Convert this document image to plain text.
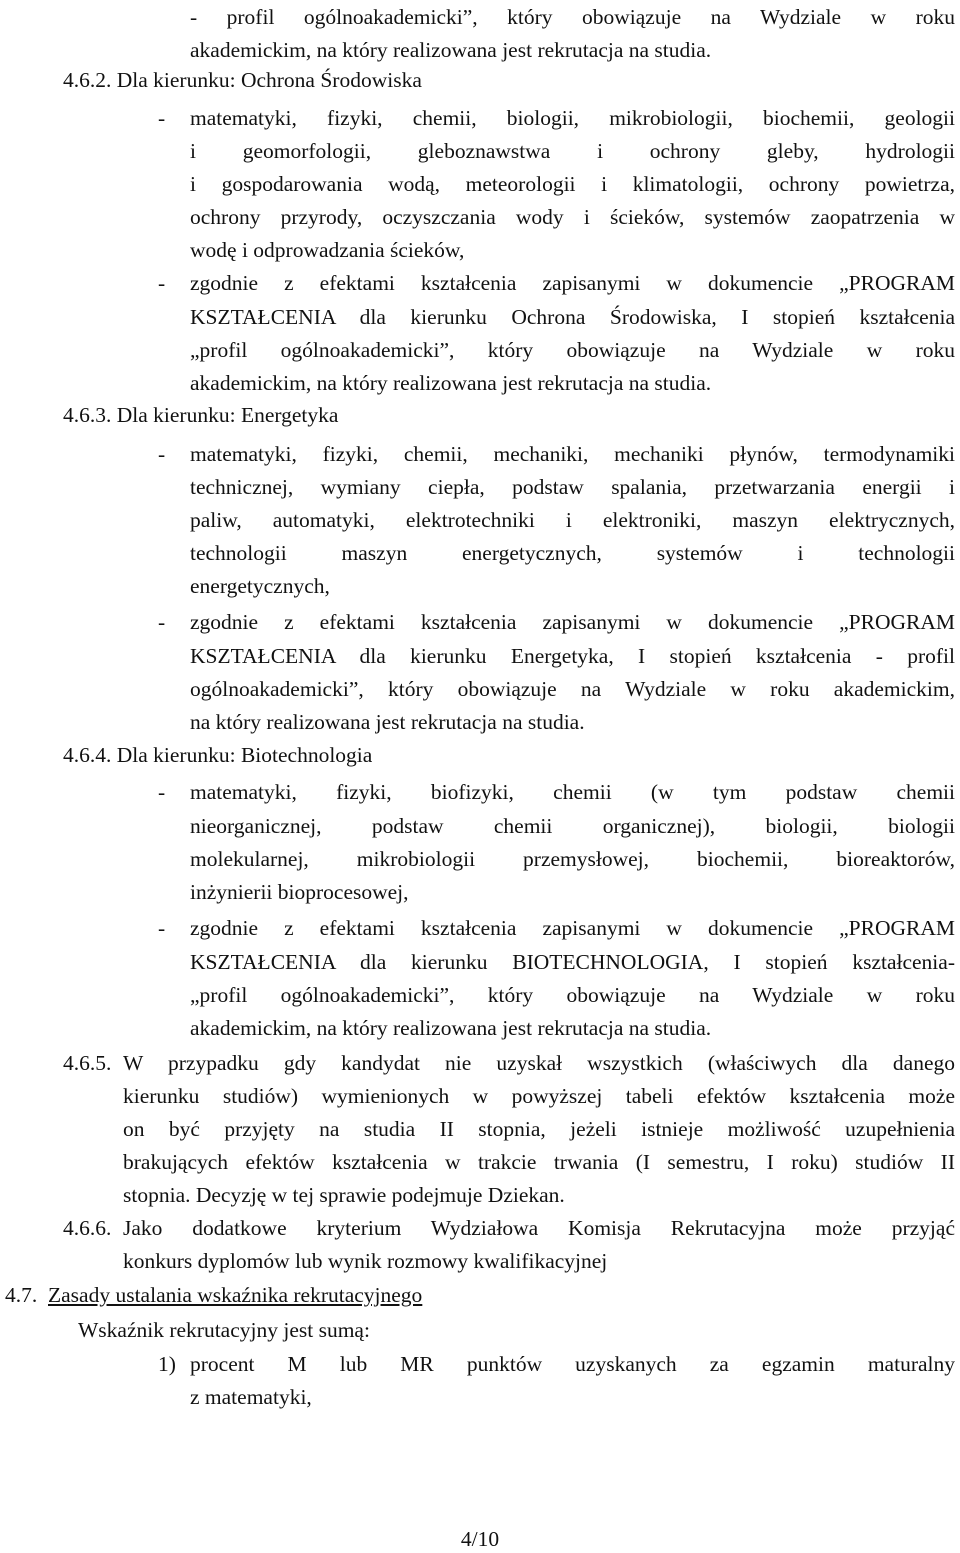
- profil ogólnoakademicki”, który obowiązuje na Wydziale w roku
akademickim, na który realizowana jest rekrutacja na studia.
4.6.2. Dla kierunku: Ochrona Środowiska
- matematyki, fizyki, chemii, biologii, mikrobiologii, biochemii, geologii
i geomorfologii, gleboznawstwa i ochrony gleby, hydrologii
i gospodarowania wodą, meteorologii i klimatologii, ochrony powietrza,
ochrony przyrody, oczyszczania wody i ścieków, systemów zaopatrzenia w
wodę i odprowadzania ścieków,
- zgodnie z efektami kształcenia zapisanymi w dokumencie „PROGRAM
KSZTAŁCENIA dla kierunku Ochrona Środowiska, I stopień kształcenia
„profil ogólnoakademicki”, który obowiązuje na Wydziale w roku
akademickim, na który realizowana jest rekrutacja na studia.
4.6.3. Dla kierunku: Energetyka
- matematyki, fizyki, chemii, mechaniki, mechaniki płynów, termodynamiki
technicznej, wymiany ciepła, podstaw spalania, przetwarzania energii i
paliw, automatyki, elektrotechniki i elektroniki, maszyn elektrycznych,
technologii maszyn energetycznych, systemów i technologii
energetycznych,
- zgodnie z efektami kształcenia zapisanymi w dokumencie „PROGRAM
KSZTAŁCENIA dla kierunku Energetyka, I stopień kształcenia - profil
ogólnoakademicki”, który obowiązuje na Wydziale w roku akademickim,
na który realizowana jest rekrutacja na studia.
4.6.4. Dla kierunku: Biotechnologia
- matematyki, fizyki, biofizyki, chemii (w tym podstaw chemii
nieorganicznej, podstaw chemii organicznej), biologii, biologii
molekularnej, mikrobiologii przemysłowej, biochemii, bioreaktorów,
inżynierii bioprocesowej,
- zgodnie z efektami kształcenia zapisanymi w dokumencie „PROGRAM
KSZTAŁCENIA dla kierunku BIOTECHNOLOGIA, I stopień kształcenia-
„profil ogólnoakademicki”, który obowiązuje na Wydziale w roku
akademickim, na który realizowana jest rekrutacja na studia.
4.6.5. W przypadku gdy kandydat nie uzyskał wszystkich (właściwych dla danego
kierunku studiów) wymienionych w powyższej tabeli efektów kształcenia może
on być przyjęty na studia II stopnia, jeżeli istnieje możliwość uzupełnienia
brakujących efektów kształcenia w trakcie trwania (I semestru, I roku) studiów II
stopnia. Decyzję w tej sprawie podejmuje Dziekan.
4.6.6. Jako dodatkowe kryterium Wydziałowa Komisja Rekrutacyjna może przyjąć
konkurs dyplomów lub wynik rozmowy kwalifikacyjnej
4.7. Zasady ustalania wskaźnika rekrutacyjnego
Wskaźnik rekrutacyjny jest sumą:
1) procent M lub MR punktów uzyskanych za egzamin maturalny
z matematyki,
4/10
